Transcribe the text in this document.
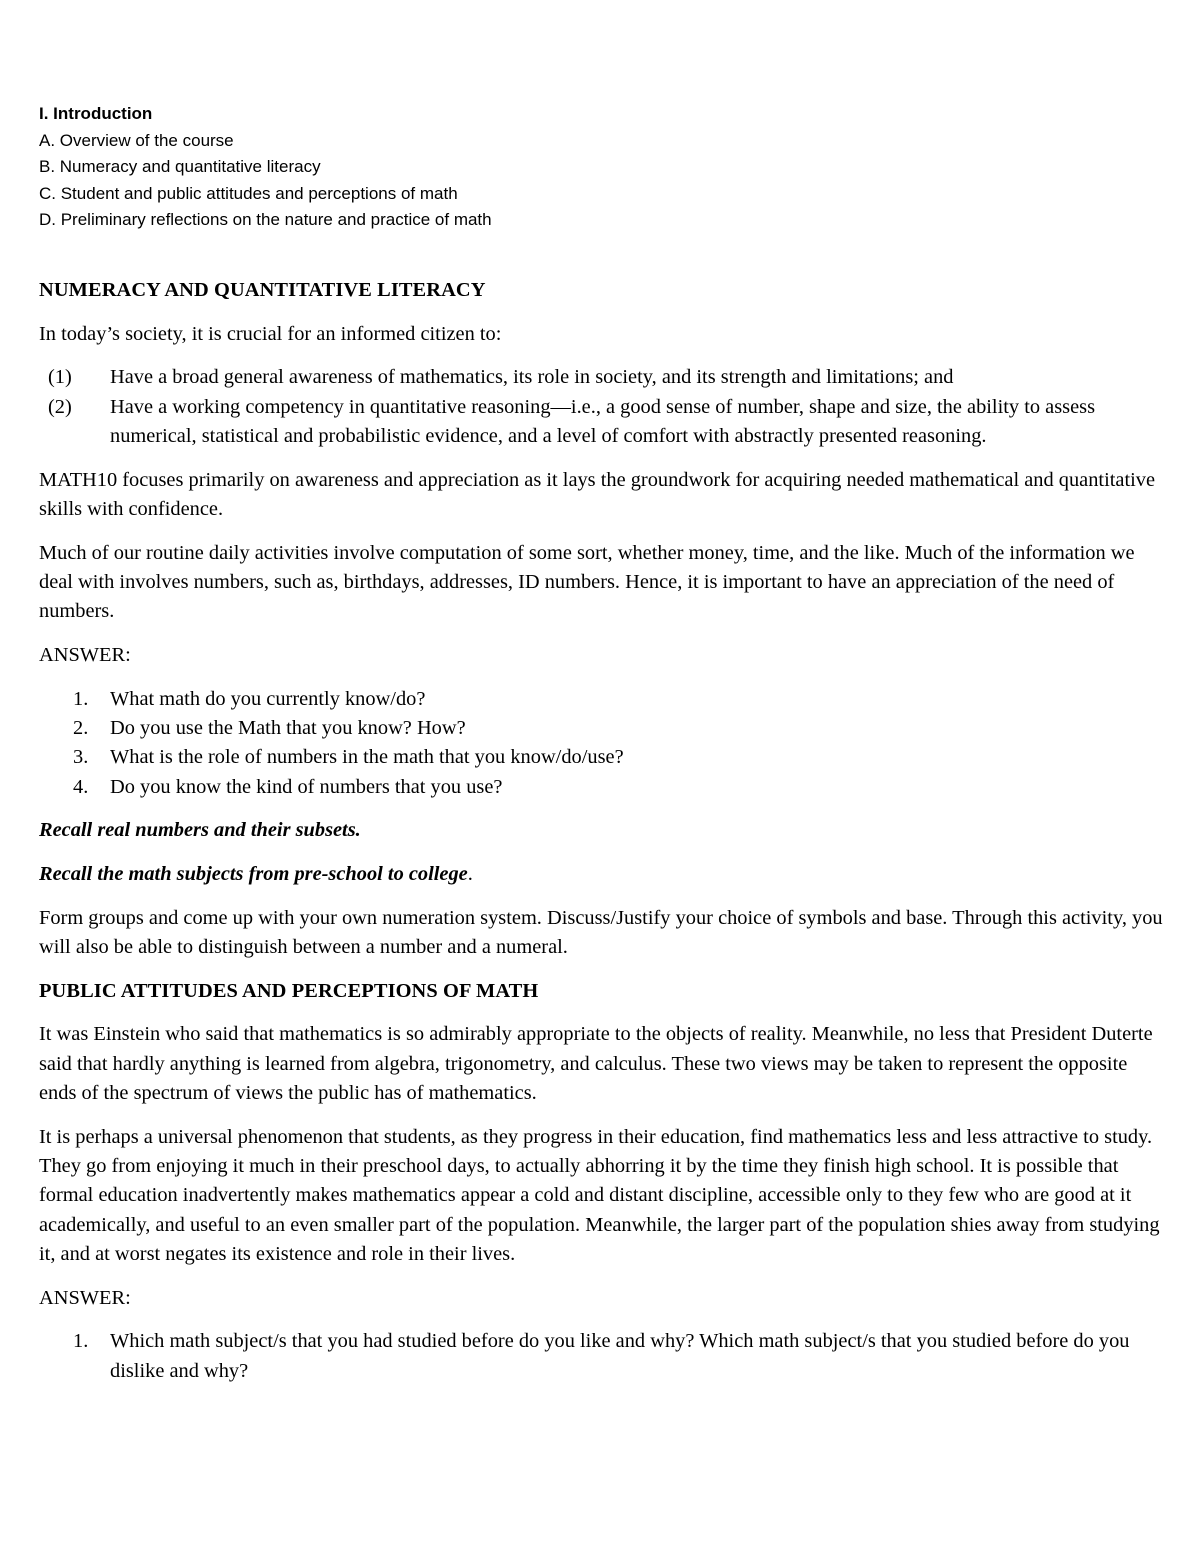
I. Introduction
A. Overview of the course
B. Numeracy and quantitative literacy
C. Student and public attitudes and perceptions of math
D. Preliminary reflections on the nature and practice of math
NUMERACY AND QUANTITATIVE LITERACY

In today’s society, it is crucial for an informed citizen to:

(1) Have a broad general awareness of mathematics, its role in society, and its strength and limitations; and
(2) Have a working competency in quantitative reasoning—i.e., a good sense of number, shape and size, the ability to assess numerical, statistical and probabilistic evidence, and a level of comfort with abstractly presented reasoning.

MATH10 focuses primarily on awareness and appreciation as it lays the groundwork for acquiring needed mathematical and quantitative skills with confidence.

Much of our routine daily activities involve computation of some sort, whether money, time, and the like. Much of the information we deal with involves numbers, such as, birthdays, addresses, ID numbers. Hence, it is important to have an appreciation of the need of numbers.

ANSWER:

1. What math do you currently know/do?
2. Do you use the Math that you know? How?
3. What is the role of numbers in the math that you know/do/use?
4. Do you know the kind of numbers that you use?

Recall real numbers and their subsets.

Recall the math subjects from pre-school to college.

Form groups and come up with your own numeration system. Discuss/Justify your choice of symbols and base. Through this activity, you will also be able to distinguish between a number and a numeral.

PUBLIC ATTITUDES AND PERCEPTIONS OF MATH

It was Einstein who said that mathematics is so admirably appropriate to the objects of reality. Meanwhile, no less that President Duterte said that hardly anything is learned from algebra, trigonometry, and calculus. These two views may be taken to represent the opposite ends of the spectrum of views the public has of mathematics.

It is perhaps a universal phenomenon that students, as they progress in their education, find mathematics less and less attractive to study. They go from enjoying it much in their preschool days, to actually abhorring it by the time they finish high school. It is possible that formal education inadvertently makes mathematics appear a cold and distant discipline, accessible only to they few who are good at it academically, and useful to an even smaller part of the population. Meanwhile, the larger part of the population shies away from studying it, and at worst negates its existence and role in their lives.

ANSWER:

1. Which math subject/s that you had studied before do you like and why? Which math subject/s that you studied before do you dislike and why?
